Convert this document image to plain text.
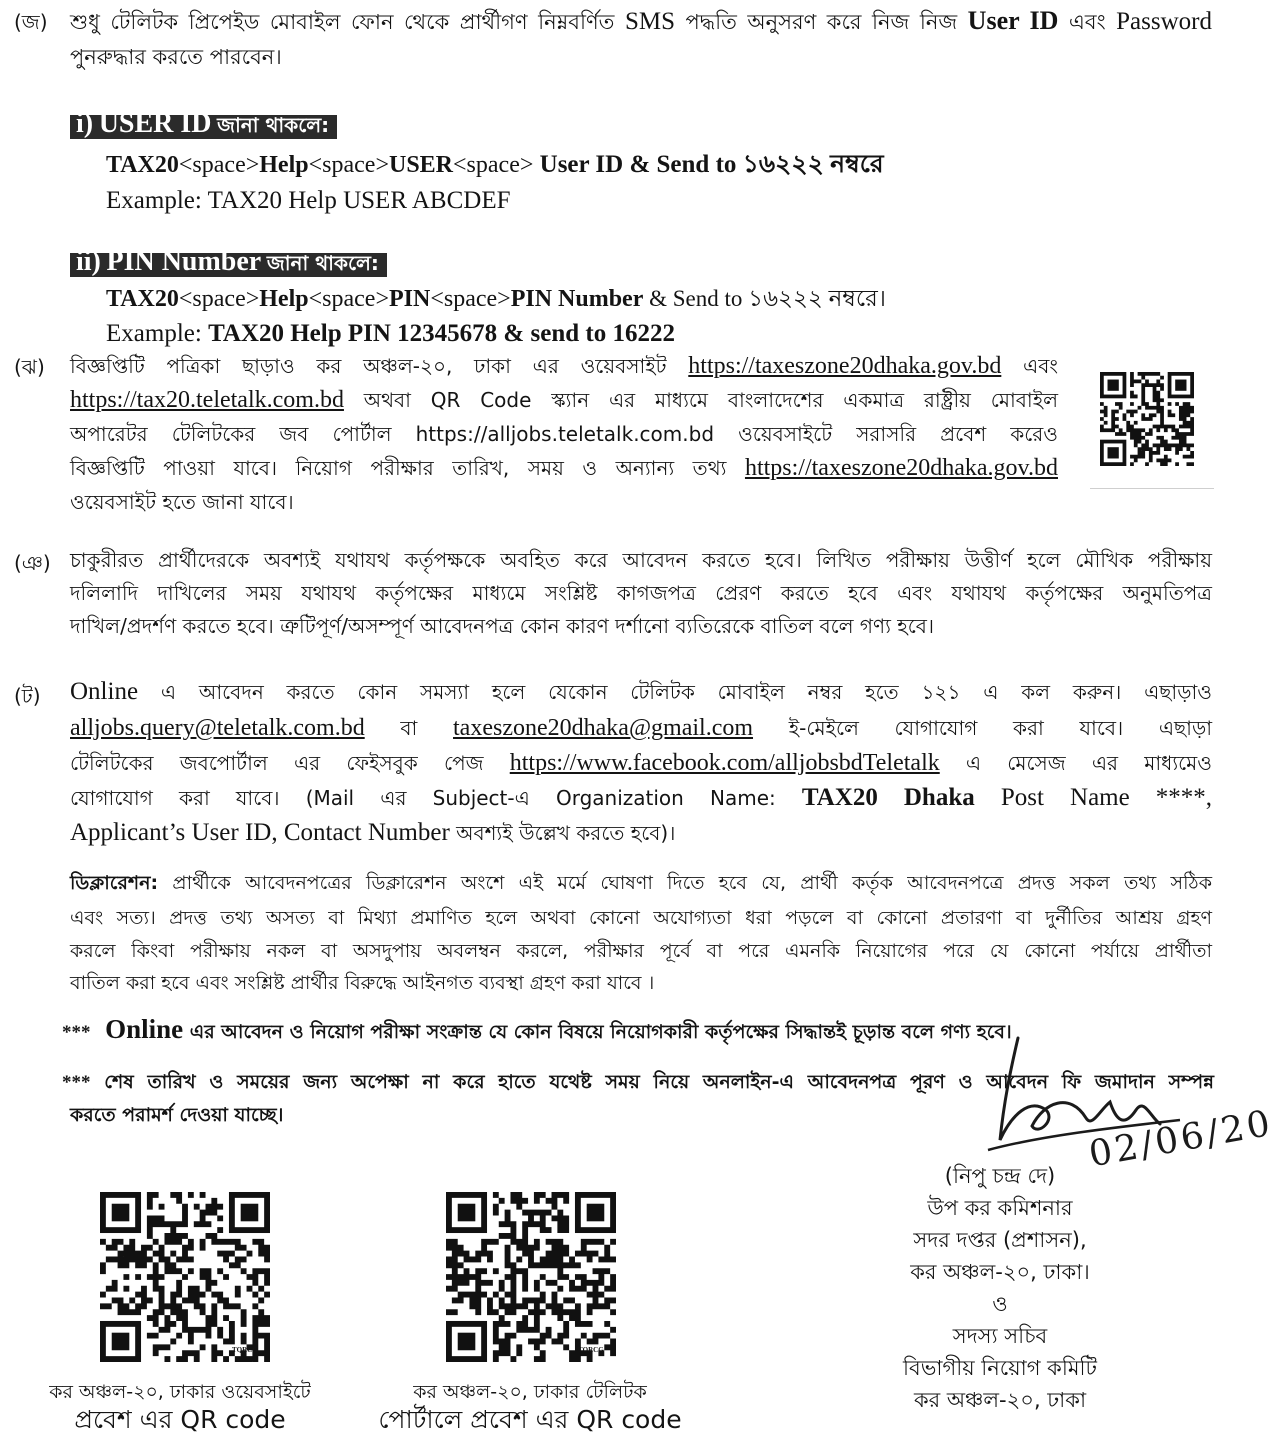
(জ) শুধু টেলিটক প্রিপেইড মোবাইল ফোন থেকে প্রার্থীগণ নিম্নবর্ণিত SMS পদ্ধতি অনুসরণ করে নিজ নিজ User ID এবং Password
পুনরুদ্ধার করতে পারবেন।
i) USER ID জানা থাকলে:
TAX20<space>Help<space>USER<space> User ID & Send to ১৬২২২ নম্বরে
Example: TAX20 Help USER ABCDEF
ii) PIN Number জানা থাকলে:
TAX20<space>Help<space>PIN<space>PIN Number & Send to ১৬২২২ নম্বরে।
Example: TAX20 Help PIN 12345678 & send to 16222
(ঝ) বিজ্ঞপ্তিটি পত্রিকা ছাড়াও কর অঞ্চল-২০, ঢাকা এর ওয়েবসাইট https://taxeszone20dhaka.gov.bd এবং
https://tax20.teletalk.com.bd অথবা QR Code স্ক্যান এর মাধ্যমে বাংলাদেশের একমাত্র রাষ্ট্রীয় মোবাইল
অপারেটর টেলিটকের জব পোর্টাল https://alljobs.teletalk.com.bd ওয়েবসাইটে সরাসরি প্রবেশ করেও
বিজ্ঞপ্তিটি পাওয়া যাবে। নিয়োগ পরীক্ষার তারিখ, সময় ও অন্যান্য তথ্য https://taxeszone20dhaka.gov.bd
ওয়েবসাইট হতে জানা যাবে।
(ঞ) চাকুরীরত প্রার্থীদেরকে অবশ্যই যথাযথ কর্তৃপক্ষকে অবহিত করে আবেদন করতে হবে। লিখিত পরীক্ষায় উত্তীর্ণ হলে মৌখিক পরীক্ষায়
দলিলাদি দাখিলের সময় যথাযথ কর্তৃপক্ষের মাধ্যমে সংশ্লিষ্ট কাগজপত্র প্রেরণ করতে হবে এবং যথাযথ কর্তৃপক্ষের অনুমতিপত্র
দাখিল/প্রদর্শণ করতে হবে। ত্রুটিপূর্ণ/অসম্পূর্ণ আবেদনপত্র কোন কারণ দর্শানো ব্যতিরেকে বাতিল বলে গণ্য হবে।
(ট) Online এ আবেদন করতে কোন সমস্যা হলে যেকোন টেলিটক মোবাইল নম্বর হতে ১২১ এ কল করুন। এছাড়াও
alljobs.query@teletalk.com.bd বা taxeszone20dhaka@gmail.com ই-মেইলে যোগাযোগ করা যাবে। এছাড়া
টেলিটকের জবপোর্টাল এর ফেইসবুক পেজ https://www.facebook.com/alljobsbdTeletalk এ মেসেজ এর মাধ্যমেও
যোগাযোগ করা যাবে। (Mail এর Subject-এ Organization Name: TAX20 Dhaka Post Name ****,
Applicant’s User ID, Contact Number অবশ্যই উল্লেখ করতে হবে)।
ডিক্লারেশন: প্রার্থীকে আবেদনপত্রের ডিক্লারেশন অংশে এই মর্মে ঘোষণা দিতে হবে যে, প্রার্থী কর্তৃক আবেদনপত্রে প্রদত্ত সকল তথ্য সঠিক
এবং সত্য। প্রদত্ত তথ্য অসত্য বা মিথ্যা প্রমাণিত হলে অথবা কোনো অযোগ্যতা ধরা পড়লে বা কোনো প্রতারণা বা দুর্নীতির আশ্রয় গ্রহণ
করলে কিংবা পরীক্ষায় নকল বা অসদুপায় অবলম্বন করলে, পরীক্ষার পূর্বে বা পরে এমনকি নিয়োগের পরে যে কোনো পর্যায়ে প্রার্থীতা
বাতিল করা হবে এবং সংশ্লিষ্ট প্রার্থীর বিরুদ্ধে আইনগত ব্যবস্থা গ্রহণ করা যাবে ।
*** Online এর আবেদন ও নিয়োগ পরীক্ষা সংক্রান্ত যে কোন বিষয়ে নিয়োগকারী কর্তৃপক্ষের সিদ্ধান্তই চূড়ান্ত বলে গণ্য হবে।
*** শেষ তারিখ ও সময়ের জন্য অপেক্ষা না করে হাতে যথেষ্ট সময় নিয়ে অনলাইন-এ আবেদনপত্র পূরণ ও আবেদন ফি জমাদান সম্পন্ন
করতে পরামর্শ দেওয়া যাচ্ছে।	02/06/20
(নিপু চন্দ্র দে)
উপ কর কমিশনার
সদর দপ্তর (প্রশাসন),
কর অঞ্চল-২০, ঢাকা।
ও
সদস্য সচিব
বিভাগীয় নিয়োগ কমিটি
কর অঞ্চল-২০, ঢাকা
TQRCG
কর অঞ্চল-২০, ঢাকার ওয়েবসাইটে
প্রবেশ এর QR code
TQRCG
কর অঞ্চল-২০, ঢাকার টেলিটক
পোর্টালে প্রবেশ এর QR code
